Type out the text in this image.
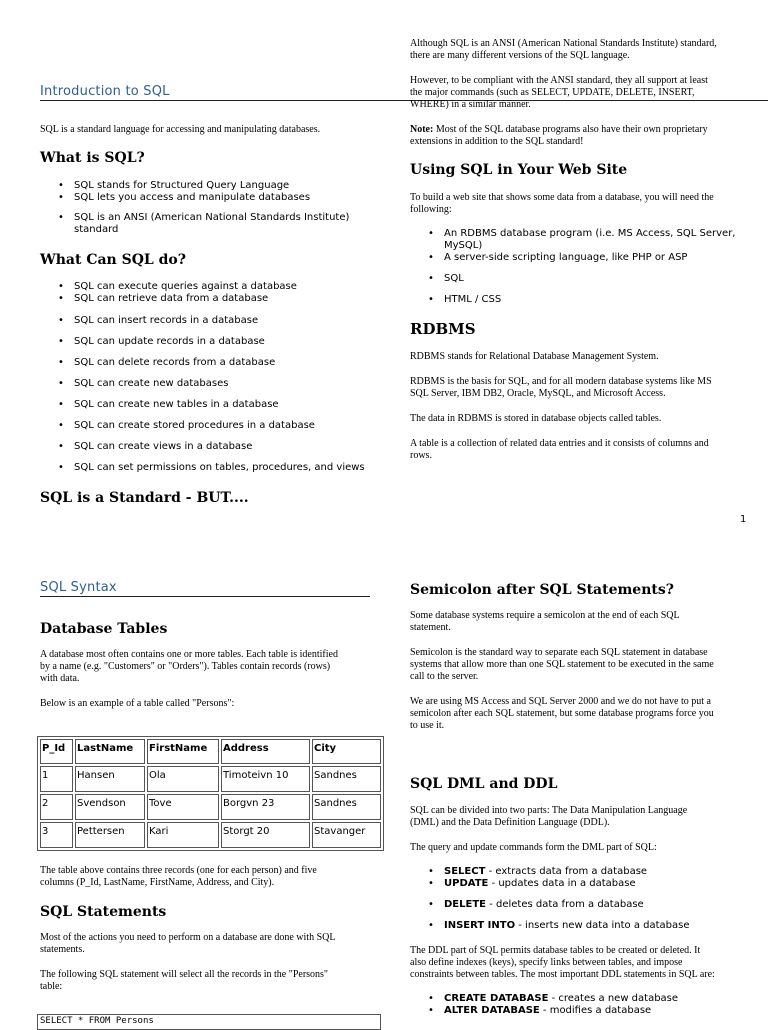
Introduction to SQL

SQL is a standard language for accessing and manipulating databases.

What is SQL?

• SQL stands for Structured Query Language
• SQL lets you access and manipulate databases
• SQL is an ANSI (American National Standards Institute)
standard

What Can SQL do?

• SQL can execute queries against a database
• SQL can retrieve data from a database
• SQL can insert records in a database
• SQL can update records in a database
• SQL can delete records from a database
• SQL can create new databases
• SQL can create new tables in a database
• SQL can create stored procedures in a database
• SQL can create views in a database
• SQL can set permissions on tables, procedures, and views

SQL is a Standard - BUT....

Although SQL is an ANSI (American National Standards Institute) standard,
there are many different versions of the SQL language.

However, to be compliant with the ANSI standard, they all support at least
the major commands (such as SELECT, UPDATE, DELETE, INSERT,
WHERE) in a similar manner.

Note: Most of the SQL database programs also have their own proprietary
extensions in addition to the SQL standard!

Using SQL in Your Web Site

To build a web site that shows some data from a database, you will need the
following:

• An RDBMS database program (i.e. MS Access, SQL Server,
MySQL)
• A server-side scripting language, like PHP or ASP
• SQL
• HTML / CSS

RDBMS

RDBMS stands for Relational Database Management System.

RDBMS is the basis for SQL, and for all modern database systems like MS
SQL Server, IBM DB2, Oracle, MySQL, and Microsoft Access.

The data in RDBMS is stored in database objects called tables.

A table is a collection of related data entries and it consists of columns and
rows.

1
SQL Syntax

Database Tables

A database most often contains one or more tables. Each table is identified
by a name (e.g. "Customers" or "Orders"). Tables contain records (rows)
with data.

Below is an example of a table called "Persons":

P_Id	LastName	FirstName	Address	City
1	Hansen	Ola	Timoteivn 10	Sandnes
2	Svendson	Tove	Borgvn 23	Sandnes
3	Pettersen	Kari	Storgt 20	Stavanger

The table above contains three records (one for each person) and five
columns (P_Id, LastName, FirstName, Address, and City).

SQL Statements

Most of the actions you need to perform on a database are done with SQL
statements.

The following SQL statement will select all the records in the "Persons"
table:

SELECT * FROM Persons

Semicolon after SQL Statements?

Some database systems require a semicolon at the end of each SQL
statement.

Semicolon is the standard way to separate each SQL statement in database
systems that allow more than one SQL statement to be executed in the same
call to the server.

We are using MS Access and SQL Server 2000 and we do not have to put a
semicolon after each SQL statement, but some database programs force you
to use it.

SQL DML and DDL

SQL can be divided into two parts: The Data Manipulation Language
(DML) and the Data Definition Language (DDL).

The query and update commands form the DML part of SQL:

• SELECT - extracts data from a database
• UPDATE - updates data in a database
• DELETE - deletes data from a database
• INSERT INTO - inserts new data into a database

The DDL part of SQL permits database tables to be created or deleted. It
also define indexes (keys), specify links between tables, and impose
constraints between tables. The most important DDL statements in SQL are:

• CREATE DATABASE - creates a new database
• ALTER DATABASE - modifies a database
